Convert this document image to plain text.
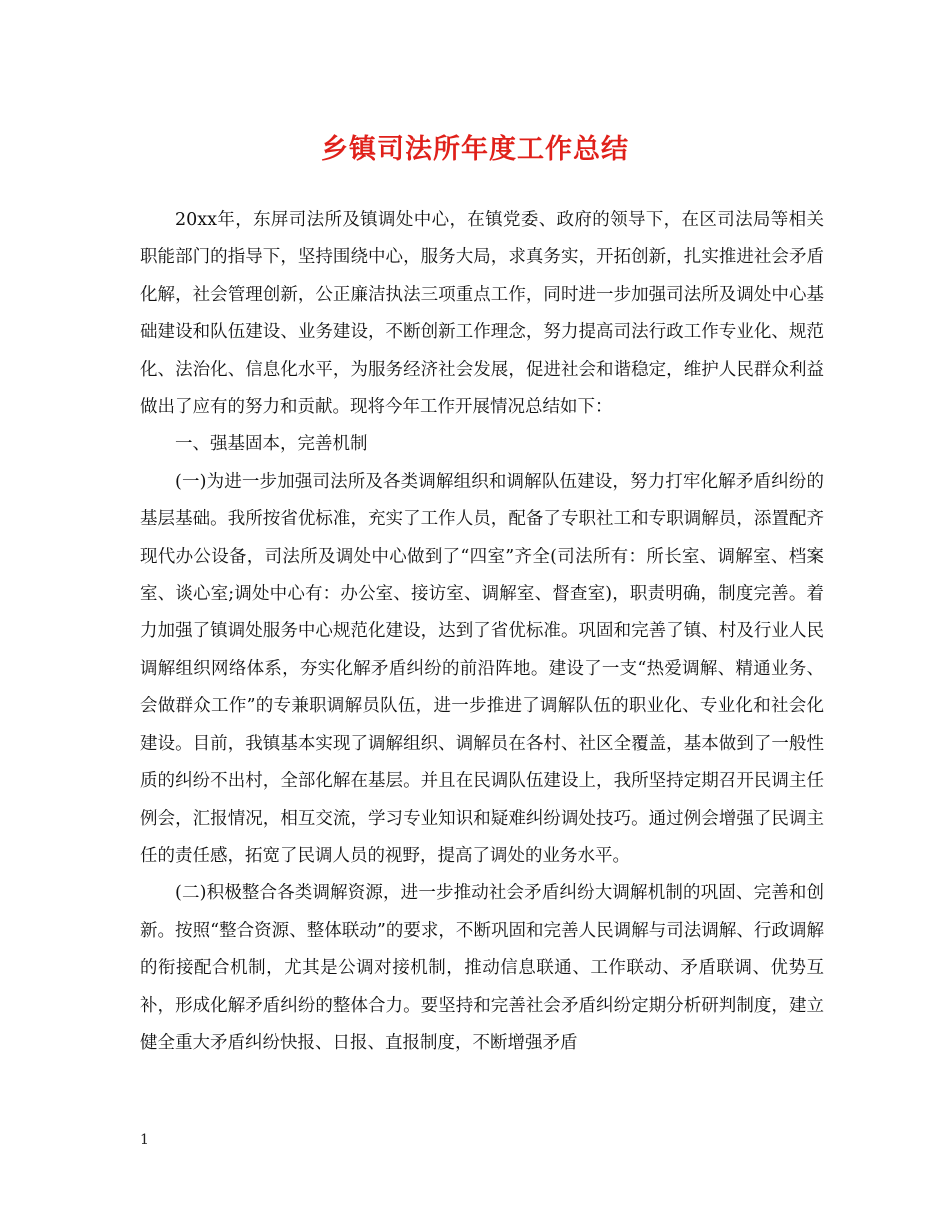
乡镇司法所年度工作总结

20xx年，东屏司法所及镇调处中心，在镇党委、政府的领导下，在区司法局等相关职能部门的指导下，坚持围绕中心，服务大局，求真务实，开拓创新，扎实推进社会矛盾化解，社会管理创新，公正廉洁执法三项重点工作，同时进一步加强司法所及调处中心基础建设和队伍建设、业务建设，不断创新工作理念，努力提高司法行政工作专业化、规范化、法治化、信息化水平，为服务经济社会发展，促进社会和谐稳定，维护人民群众利益做出了应有的努力和贡献。现将今年工作开展情况总结如下：

一、强基固本，完善机制

(一)为进一步加强司法所及各类调解组织和调解队伍建设，努力打牢化解矛盾纠纷的基层基础。我所按省优标准，充实了工作人员，配备了专职社工和专职调解员，添置配齐现代办公设备，司法所及调处中心做到了“四室”齐全(司法所有：所长室、调解室、档案室、谈心室;调处中心有：办公室、接访室、调解室、督查室)，职责明确，制度完善。着力加强了镇调处服务中心规范化建设，达到了省优标准。巩固和完善了镇、村及行业人民调解组织网络体系，夯实化解矛盾纠纷的前沿阵地。建设了一支“热爱调解、精通业务、会做群众工作”的专兼职调解员队伍，进一步推进了调解队伍的职业化、专业化和社会化建设。目前，我镇基本实现了调解组织、调解员在各村、社区全覆盖，基本做到了一般性质的纠纷不出村，全部化解在基层。并且在民调队伍建设上，我所坚持定期召开民调主任例会，汇报情况，相互交流，学习专业知识和疑难纠纷调处技巧。通过例会增强了民调主任的责任感，拓宽了民调人员的视野，提高了调处的业务水平。

(二)积极整合各类调解资源，进一步推动社会矛盾纠纷大调解机制的巩固、完善和创新。按照“整合资源、整体联动”的要求，不断巩固和完善人民调解与司法调解、行政调解的衔接配合机制，尤其是公调对接机制，推动信息联通、工作联动、矛盾联调、优势互补，形成化解矛盾纠纷的整体合力。要坚持和完善社会矛盾纠纷定期分析研判制度，建立健全重大矛盾纠纷快报、日报、直报制度，不断增强矛盾

1
